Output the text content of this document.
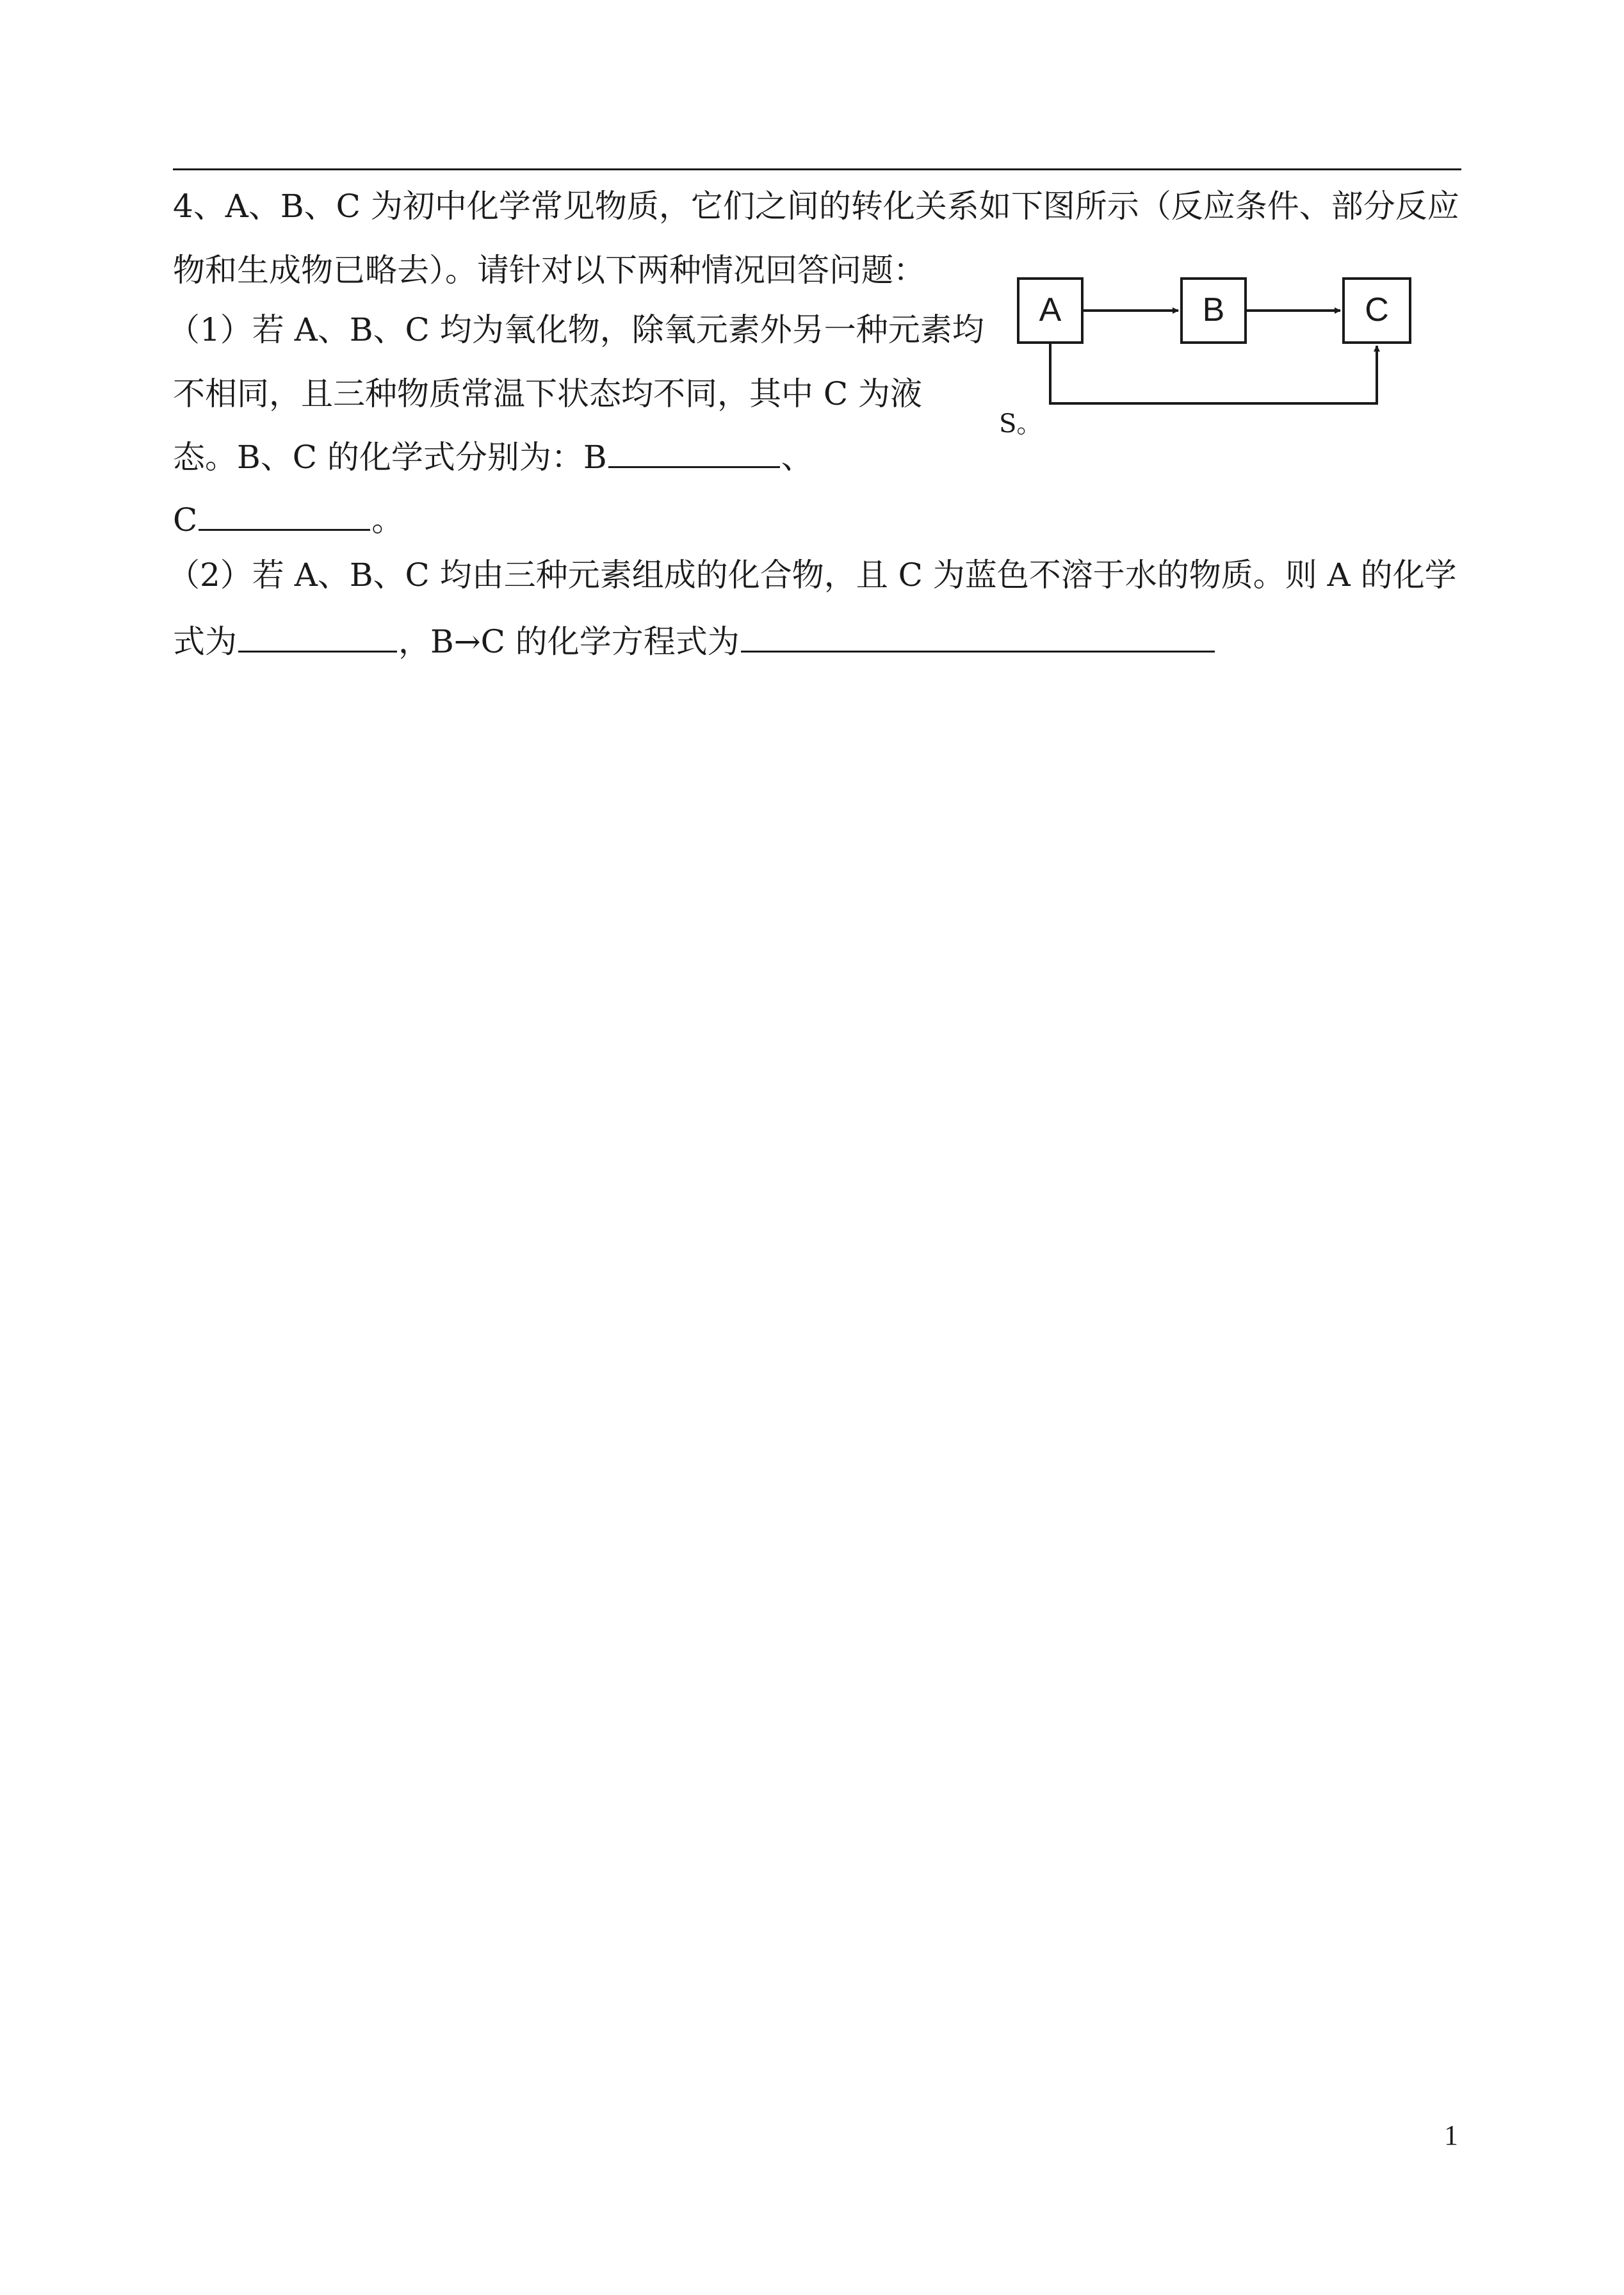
4、A、B、C 为初中化学常见物质，它们之间的转化关系如下图所示（反应条件、部分反应
物和生成物已略去）。请针对以下两种情况回答问题：
（1）若 A、B、C 均为氧化物，除氧元素外另一种元素均
不相同，且三种物质常温下状态均不同，其中 C 为液
态。B、C 的化学式分别为：B	、
C	。
（2）若 A、B、C 均由三种元素组成的化合物，且 C 为蓝色不溶于水的物质。则 A 的化学
式为	，B→C 的化学方程式为
A	B	C
S。
1
